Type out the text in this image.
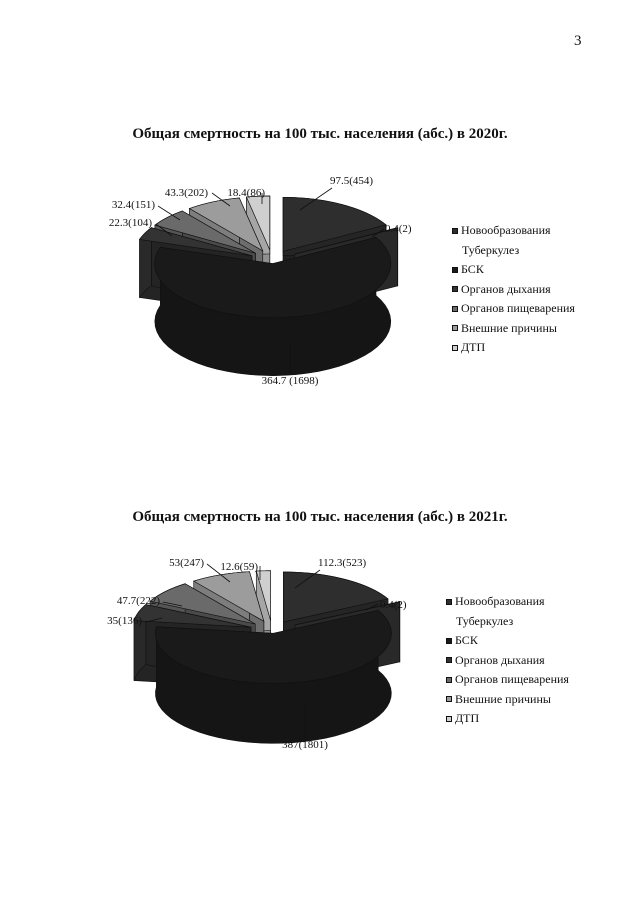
3
Общая смертность на 100 тыс. населения (абс.) в 2020г.
97.5(454)
0.4(2)
364.7 (1698)
22.3(104)
32.4(151)
43.3(202) 18.4(86)
Новообразования
Туберкулез
БСК
Органов дыхания
Органов пищеварения
Внешние причины
ДТП
Общая смертность на 100 тыс. населения (абс.) в 2021г.
112.3(523)
0.4(2)
387(1801)
35(136)
47.7(222)
53(247) 12.6(59)
Новообразования
Туберкулез
БСК
Органов дыхания
Органов пищеварения
Внешние причины
ДТП
